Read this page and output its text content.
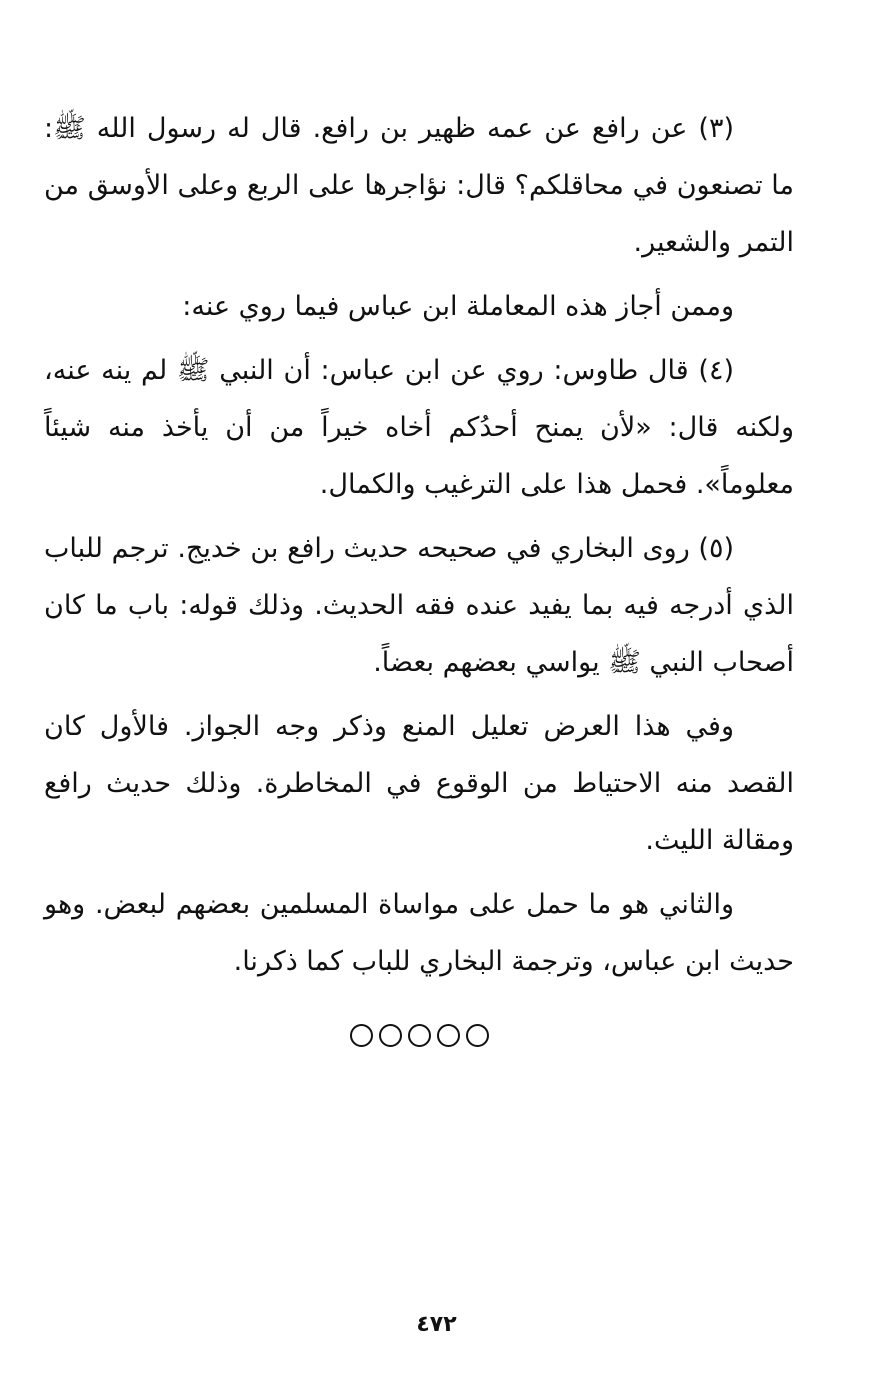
(٣) عن رافع عن عمه ظهير بن رافع. قال له رسول الله ﷺ: ما تصنعون في محاقلكم؟ قال: نؤاجرها على الربع وعلى الأوسق من التمر والشعير.

وممن أجاز هذه المعاملة ابن عباس فيما روي عنه:

(٤) قال طاوس: روي عن ابن عباس: أن النبي ﷺ لم ينه عنه، ولكنه قال: «لأن يمنح أحدُكم أخاه خيراً من أن يأخذ منه شيئاً معلوماً». فحمل هذا على الترغيب والكمال.

(٥) روى البخاري في صحيحه حديث رافع بن خديج. ترجم للباب الذي أدرجه فيه بما يفيد عنده فقه الحديث. وذلك قوله: باب ما كان أصحاب النبي ﷺ يواسي بعضهم بعضاً.

وفي هذا العرض تعليل المنع وذكر وجه الجواز. فالأول كان القصد منه الاحتياط من الوقوع في المخاطرة. وذلك حديث رافع ومقالة الليث.

والثاني هو ما حمل على مواساة المسلمين بعضهم لبعض. وهو حديث ابن عباس، وترجمة البخاري للباب كما ذكرنا.

٤٧٢
